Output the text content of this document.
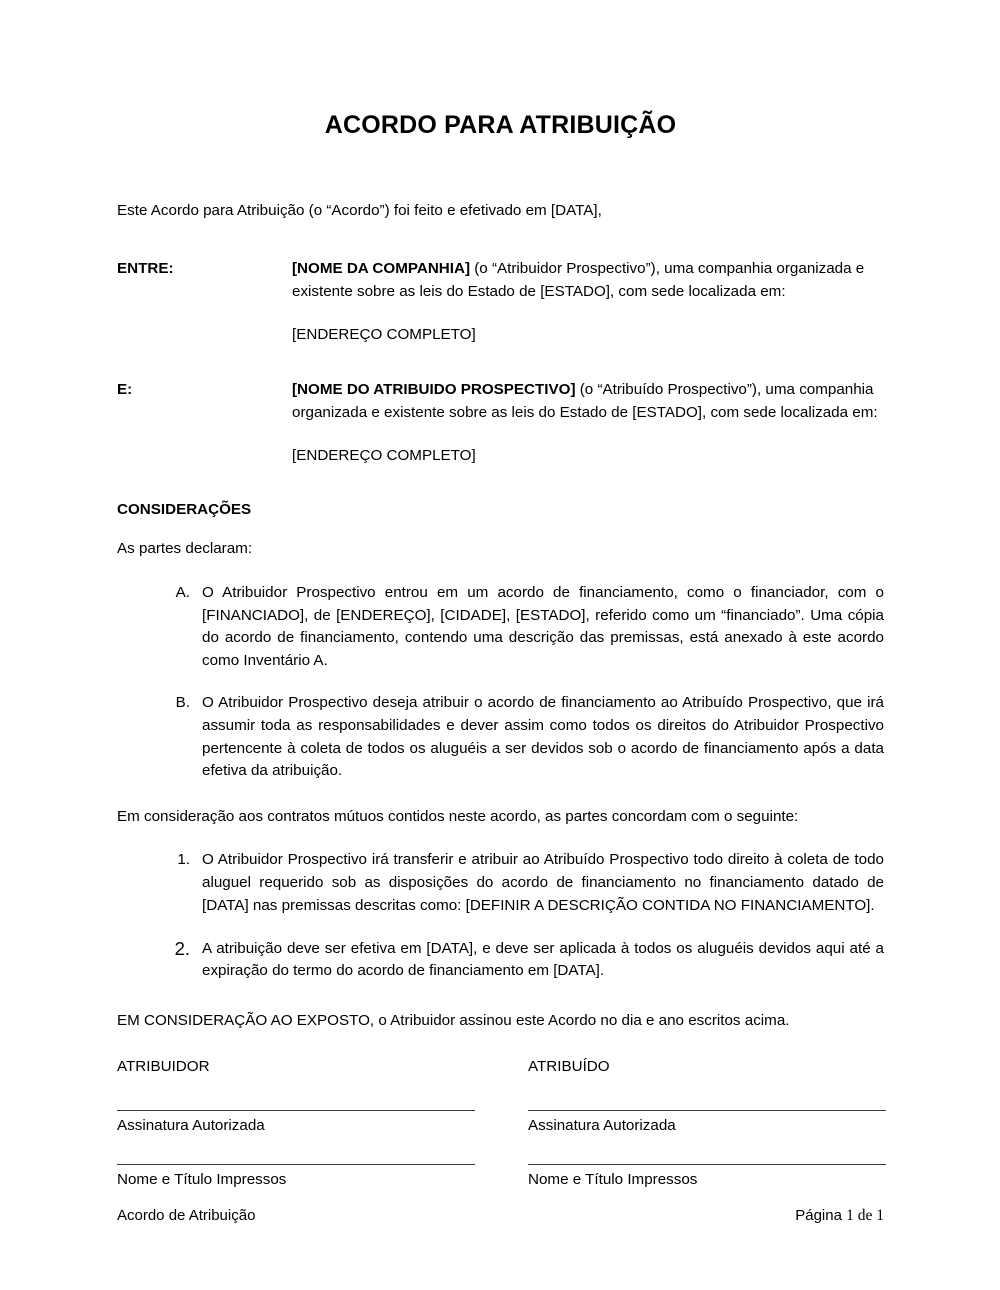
ACORDO PARA ATRIBUIÇÃO

Este Acordo para Atribuição (o “Acordo”) foi feito e efetivado em [DATA],

ENTRE:	[NOME DA COMPANHIA] (o “Atribuidor Prospectivo”), uma companhia organizada e existente sobre as leis do Estado de [ESTADO], com sede localizada em:
[ENDEREÇO COMPLETO]
E:	[NOME DO ATRIBUIDO PROSPECTIVO] (o “Atribuído Prospectivo”), uma companhia organizada e existente sobre as leis do Estado de [ESTADO], com sede localizada em:
[ENDEREÇO COMPLETO]
CONSIDERAÇÕES

As partes declaram:

A. O Atribuidor Prospectivo entrou em um acordo de financiamento, como o financiador, com o [FINANCIADO], de [ENDEREÇO], [CIDADE], [ESTADO], referido como um “financiado”. Uma cópia do acordo de financiamento, contendo uma descrição das premissas, está anexado à este acordo como Inventário A.
B. O Atribuidor Prospectivo deseja atribuir o acordo de financiamento ao Atribuído Prospectivo, que irá assumir toda as responsabilidades e dever assim como todos os direitos do Atribuidor Prospectivo pertencente à coleta de todos os aluguéis a ser devidos sob o acordo de financiamento após a data efetiva da atribuição.

Em consideração aos contratos mútuos contidos neste acordo, as partes concordam com o seguinte:

1. O Atribuidor Prospectivo irá transferir e atribuir ao Atribuído Prospectivo todo direito à coleta de todo aluguel requerido sob as disposições do acordo de financiamento no financiamento datado de [DATA] nas premissas descritas como: [DEFINIR A DESCRIÇÃO CONTIDA NO FINANCIAMENTO].
2. A atribuição deve ser efetiva em [DATA], e deve ser aplicada à todos os aluguéis devidos aqui até a expiração do termo do acordo de financiamento em [DATA].

EM CONSIDERAÇÃO AO EXPOSTO, o Atribuidor assinou este Acordo no dia e ano escritos acima.

ATRIBUIDOR
Assinatura Autorizada
Nome e Título Impressos
ATRIBUÍDO
Assinatura Autorizada
Nome e Título Impressos
Acordo de Atribuição	Página 1 de 1
